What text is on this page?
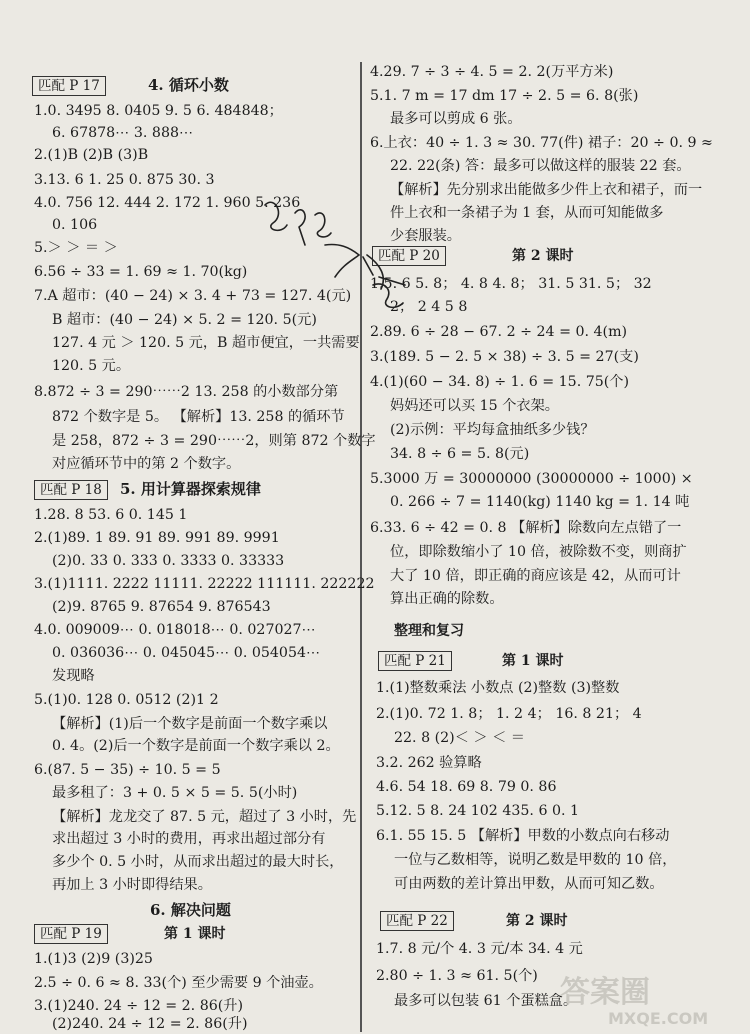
匹配 P 17	4. 循环小数
1.0. 3495 8. 0405 9. 5 6. 484848；
6. 67878⋯ 3. 888⋯
2.(1)B (2)B (3)B
3.13. 6 1. 25 0. 875 30. 3
4.0. 756 12. 444 2. 172 1. 960 5. 236
0. 106
5.＞ ＞ ＝ ＞
6.56 ÷ 33 = 1. 69 ≈ 1. 70(kg)
7.A 超市：(40 − 24) × 3. 4 + 73 = 127. 4(元)
B 超市：(40 − 24) × 5. 2 = 120. 5(元)
127. 4 元 ＞ 120. 5 元，B 超市便宜，一共需要
120. 5 元。
8.872 ÷ 3 = 290⋯⋯2 13. 258 的小数部分第
872 个数字是 5。 【解析】13. 258 的循环节
是 258，872 ÷ 3 = 290⋯⋯2，则第 872 个数字
对应循环节中的第 2 个数字。
匹配 P 18	5. 用计算器探索规律
1.28. 8 53. 6 0. 145 1
2.(1)89. 1 89. 91 89. 991 89. 9991
(2)0. 33 0. 333 0. 3333 0. 33333
3.(1)1111. 2222 11111. 22222 111111. 222222
(2)9. 8765 9. 87654 9. 876543
4.0. 009009⋯ 0. 018018⋯ 0. 027027⋯
0. 036036⋯ 0. 045045⋯ 0. 054054⋯
发现略
5.(1)0. 128 0. 0512 (2)1 2
【解析】(1)后一个数字是前面一个数字乘以
0. 4。(2)后一个数字是前面一个数字乘以 2。
6.(87. 5 − 35) ÷ 10. 5 = 5
最多租了：3 + 0. 5 × 5 = 5. 5(小时)
【解析】龙龙交了 87. 5 元，超过了 3 小时，先
求出超过 3 小时的费用，再求出超过部分有
多少个 0. 5 小时，从而求出超过的最大时长，
再加上 3 小时即得结果。
6. 解决问题
匹配 P 19	第 1 课时
1.(1)3 (2)9 (3)25
2.5 ÷ 0. 6 ≈ 8. 33(个) 至少需要 9 个油壶。
3.(1)240. 24 ÷ 12 = 2. 86(升)
(2)240. 24 ÷ 12 = 2. 86(升)
4.29. 7 ÷ 3 ÷ 4. 5 = 2. 2(万平方米)
5.1. 7 m = 17 dm 17 ÷ 2. 5 = 6. 8(张)
最多可以剪成 6 张。
6.上衣：40 ÷ 1. 3 ≈ 30. 77(件) 裙子：20 ÷ 0. 9 ≈
22. 22(条) 答：最多可以做这样的服装 22 套。
【解析】先分别求出能做多少件上衣和裙子，而一
件上衣和一条裙子为 1 套，从而可知能做多
少套服装。
匹配 P 20	第 2 课时
1.5. 6 5. 8； 4. 8 4. 8； 31. 5 31. 5； 32
2； 2 4 5 8
2.89. 6 ÷ 28 − 67. 2 ÷ 24 = 0. 4(m)
3.(189. 5 − 2. 5 × 38) ÷ 3. 5 = 27(支)
4.(1)(60 − 34. 8) ÷ 1. 6 = 15. 75(个)
妈妈还可以买 15 个衣架。
(2)示例：平均每盒抽纸多少钱？
34. 8 ÷ 6 = 5. 8(元)
5.3000 万 = 30000000 (30000000 ÷ 1000) ×
0. 266 ÷ 7 = 1140(kg) 1140 kg = 1. 14 吨
6.33. 6 ÷ 42 = 0. 8 【解析】除数向左点错了一
位，即除数缩小了 10 倍，被除数不变，则商扩
大了 10 倍，即正确的商应该是 42，从而可计
算出正确的除数。
整理和复习
匹配 P 21	第 1 课时
1.(1)整数乘法 小数点 (2)整数 (3)整数
2.(1)0. 72 1. 8； 1. 2 4； 16. 8 21； 4
22. 8 (2)＜ ＞ ＜ ＝
3.2. 262 验算略
4.6. 54 18. 69 8. 79 0. 86
5.12. 5 8. 24 102 435. 6 0. 1
6.1. 55 15. 5 【解析】甲数的小数点向右移动
一位与乙数相等，说明乙数是甲数的 10 倍，
可由两数的差计算出甲数，从而可知乙数。
匹配 P 22	第 2 课时
1.7. 8 元/个 4. 3 元/本 34. 4 元
2.80 ÷ 1. 3 ≈ 61. 5(个)
最多可以包装 61 个蛋糕盒。
答案圈
MXQE.COM
